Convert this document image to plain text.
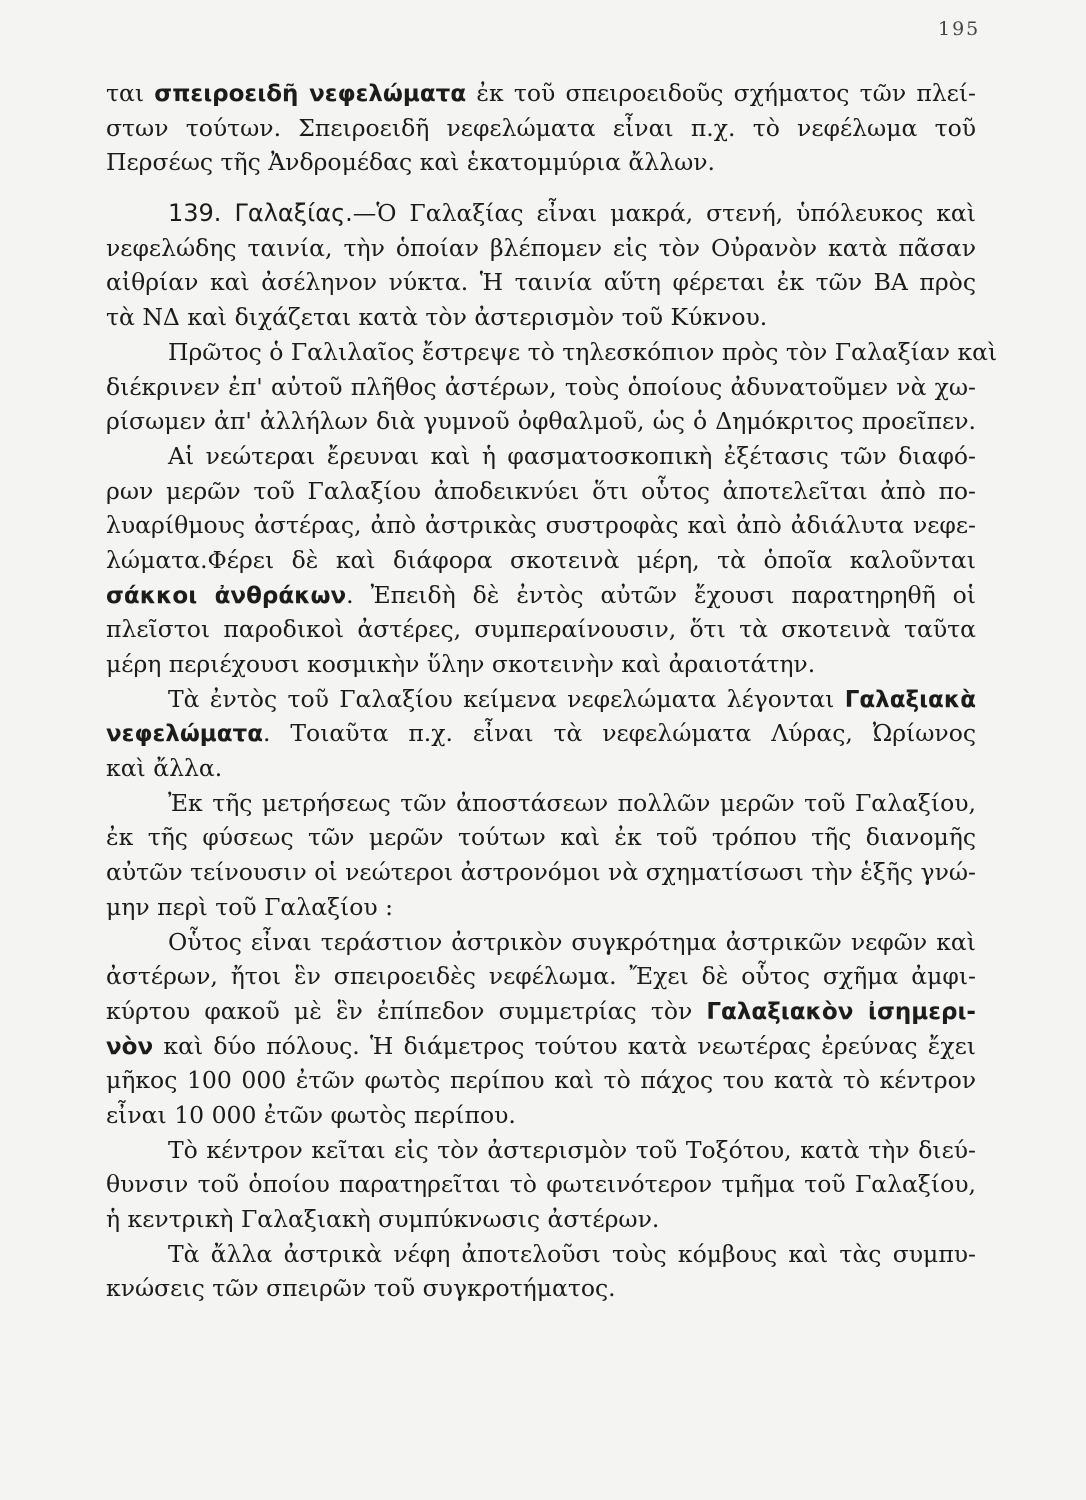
195
ται σπειροειδῆ νεφελώματα ἐκ τοῦ σπειροειδοῦς σχήματος τῶν πλεί-
στων τούτων. Σπειροειδῆ νεφελώματα εἶναι π.χ. τὸ νεφέλωμα τοῦ
Περσέως τῆς Ἀνδρομέδας καὶ ἑκατομμύρια ἄλλων.
139. Γαλαξίας.—Ὁ Γαλαξίας εἶναι μακρά, στενή, ὑπόλευκος καὶ
νεφελώδης ταινία, τὴν ὁποίαν βλέπομεν εἰς τὸν Οὐρανὸν κατὰ πᾶσαν
αἰθρίαν καὶ ἀσέληνον νύκτα. Ἡ ταινία αὕτη φέρεται ἐκ τῶν ΒΑ πρὸς
τὰ ΝΔ καὶ διχάζεται κατὰ τὸν ἀστερισμὸν τοῦ Κύκνου.
Πρῶτος ὁ Γαλιλαῖος ἔστρεψε τὸ τηλεσκόπιον πρὸς τὸν Γαλαξίαν καὶ
διέκρινεν ἐπ' αὐτοῦ πλῆθος ἀστέρων, τοὺς ὁποίους ἀδυνατοῦμεν νὰ χω-
ρίσωμεν ἀπ' ἀλλήλων διὰ γυμνοῦ ὀφθαλμοῦ, ὡς ὁ Δημόκριτος προεῖπεν.
Αἱ νεώτεραι ἔρευναι καὶ ἡ φασματοσκοπικὴ ἐξέτασις τῶν διαφό-
ρων μερῶν τοῦ Γαλαξίου ἀποδεικνύει ὅτι οὗτος ἀποτελεῖται ἀπὸ πο-
λυαρίθμους ἀστέρας, ἀπὸ ἀστρικὰς συστροφὰς καὶ ἀπὸ ἀδιάλυτα νεφε-
λώματα.Φέρει δὲ καὶ διάφορα σκοτεινὰ μέρη, τὰ ὁποῖα καλοῦνται
σάκκοι ἀνθράκων. Ἐπειδὴ δὲ ἐντὸς αὐτῶν ἔχουσι παρατηρηθῆ οἱ
πλεῖστοι παροδικοὶ ἀστέρες, συμπεραίνουσιν, ὅτι τὰ σκοτεινὰ ταῦτα
μέρη περιέχουσι κοσμικὴν ὕλην σκοτεινὴν καὶ ἀραιοτάτην.
Τὰ ἐντὸς τοῦ Γαλαξίου κείμενα νεφελώματα λέγονται Γαλαξιακὰ
νεφελώματα. Τοιαῦτα π.χ. εἶναι τὰ νεφελώματα Λύρας, Ὠρίωνος
καὶ ἄλλα.
Ἐκ τῆς μετρήσεως τῶν ἀποστάσεων πολλῶν μερῶν τοῦ Γαλαξίου,
ἐκ τῆς φύσεως τῶν μερῶν τούτων καὶ ἐκ τοῦ τρόπου τῆς διανομῆς
αὐτῶν τείνουσιν οἱ νεώτεροι ἀστρονόμοι νὰ σχηματίσωσι τὴν ἑξῆς γνώ-
μην περὶ τοῦ Γαλαξίου :
Οὗτος εἶναι τεράστιον ἀστρικὸν συγκρότημα ἀστρικῶν νεφῶν καὶ
ἀστέρων, ἤτοι ἓν σπειροειδὲς νεφέλωμα. Ἔχει δὲ οὗτος σχῆμα ἀμφι-
κύρτου φακοῦ μὲ ἓν ἐπίπεδον συμμετρίας τὸν Γαλαξιακὸν ἰσημερι-
νὸν καὶ δύο πόλους. Ἡ διάμετρος τούτου κατὰ νεωτέρας ἐρεύνας ἔχει
μῆκος 100 000 ἐτῶν φωτὸς περίπου καὶ τὸ πάχος του κατὰ τὸ κέντρον
εἶναι 10 000 ἐτῶν φωτὸς περίπου.
Τὸ κέντρον κεῖται εἰς τὸν ἀστερισμὸν τοῦ Τοξότου, κατὰ τὴν διεύ-
θυνσιν τοῦ ὁποίου παρατηρεῖται τὸ φωτεινότερον τμῆμα τοῦ Γαλαξίου,
ἡ κεντρικὴ Γαλαξιακὴ συμπύκνωσις ἀστέρων.
Τὰ ἄλλα ἀστρικὰ νέφη ἀποτελοῦσι τοὺς κόμβους καὶ τὰς συμπυ-
κνώσεις τῶν σπειρῶν τοῦ συγκροτήματος.
